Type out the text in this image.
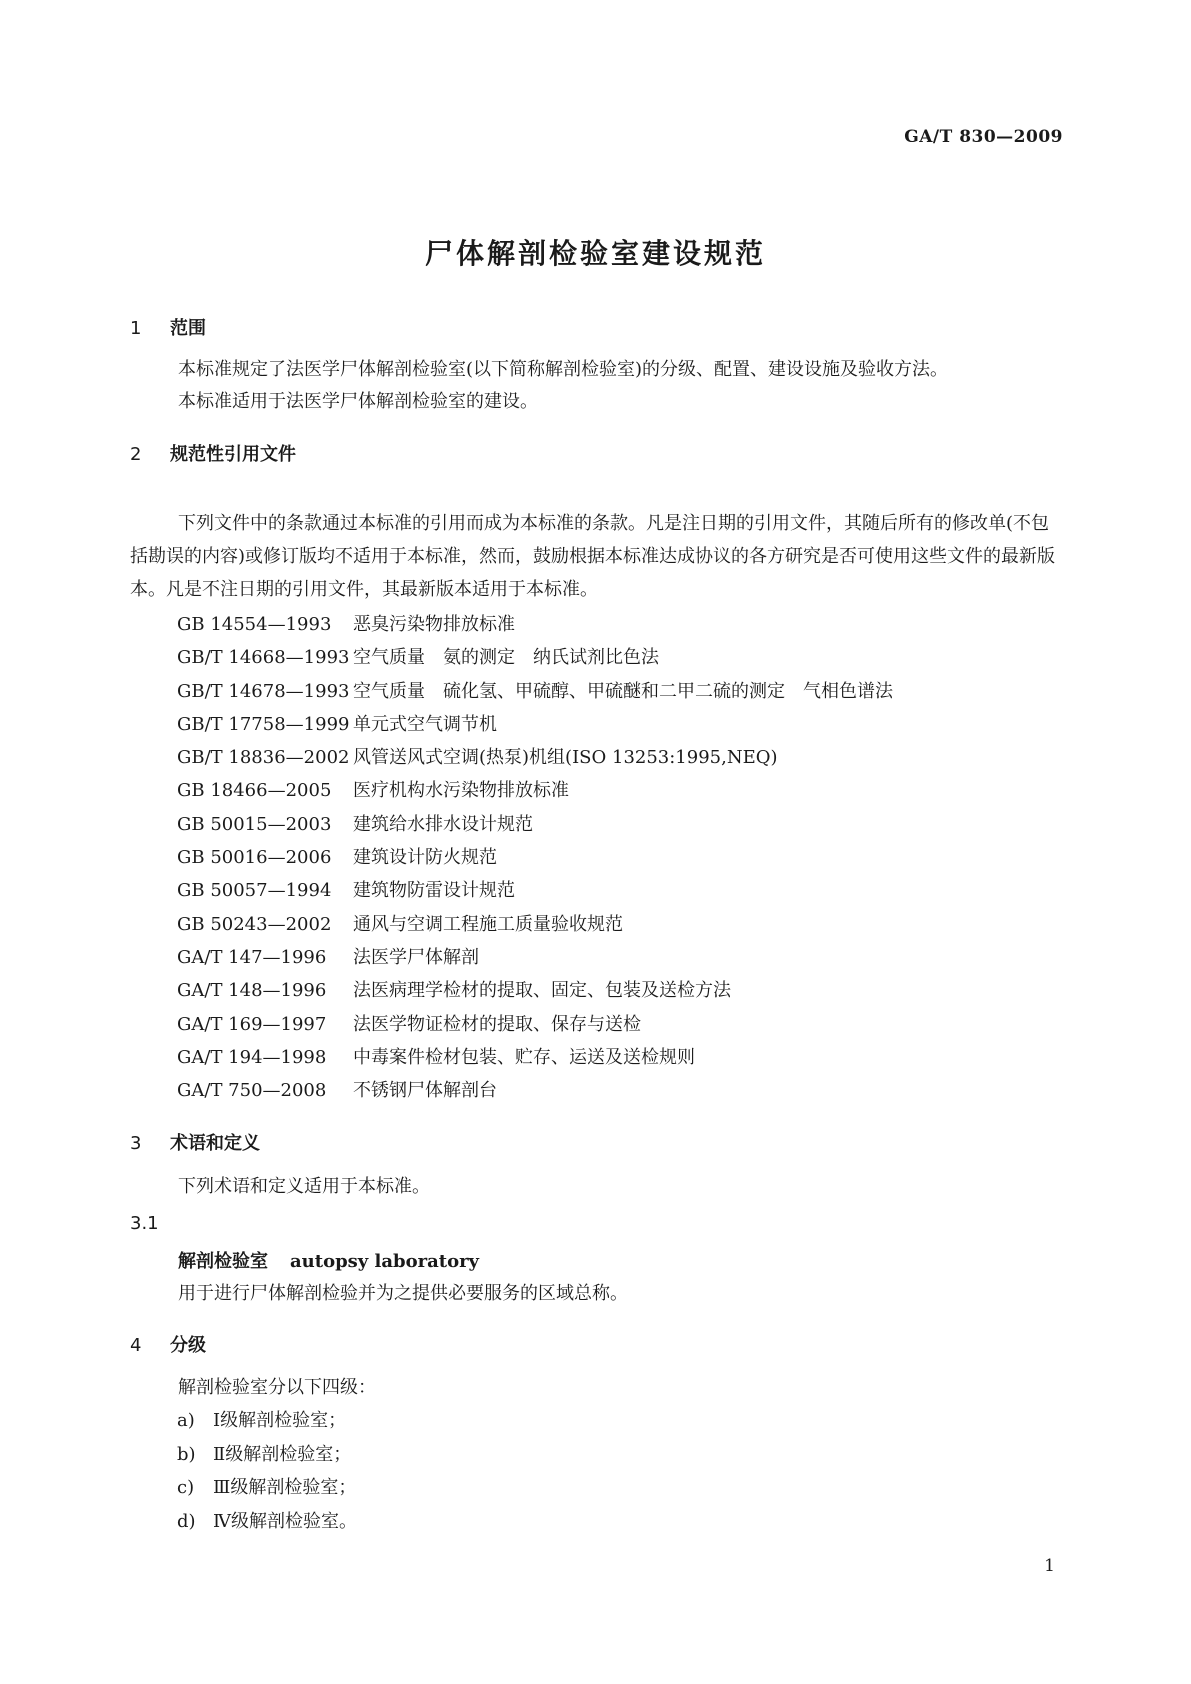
GA/T 830—2009
尸体解剖检验室建设规范
1 范围
本标准规定了法医学尸体解剖检验室(以下简称解剖检验室)的分级、配置、建设设施及验收方法。
本标准适用于法医学尸体解剖检验室的建设。
2 规范性引用文件
下列文件中的条款通过本标准的引用而成为本标准的条款。凡是注日期的引用文件，其随后所有的修改单(不包括勘误的内容)或修订版均不适用于本标准，然而，鼓励根据本标准达成协议的各方研究是否可使用这些文件的最新版本。凡是不注日期的引用文件，其最新版本适用于本标准。
GB 14554—1993 恶臭污染物排放标准
GB/T 14668—1993 空气质量　氨的测定　纳氏试剂比色法
GB/T 14678—1993 空气质量　硫化氢、甲硫醇、甲硫醚和二甲二硫的测定　气相色谱法
GB/T 17758—1999 单元式空气调节机
GB/T 18836—2002 风管送风式空调(热泵)机组(ISO 13253:1995,NEQ)
GB 18466—2005 医疗机构水污染物排放标准
GB 50015—2003 建筑给水排水设计规范
GB 50016—2006 建筑设计防火规范
GB 50057—1994 建筑物防雷设计规范
GB 50243—2002 通风与空调工程施工质量验收规范
GA/T 147—1996 法医学尸体解剖
GA/T 148—1996 法医病理学检材的提取、固定、包装及送检方法
GA/T 169—1997 法医学物证检材的提取、保存与送检
GA/T 194—1998 中毒案件检材包装、贮存、运送及送检规则
GA/T 750—2008 不锈钢尸体解剖台
3 术语和定义
下列术语和定义适用于本标准。
3.1
解剖检验室 autopsy laboratory
用于进行尸体解剖检验并为之提供必要服务的区域总称。
4 分级
解剖检验室分以下四级：
a) Ⅰ级解剖检验室；
b) Ⅱ级解剖检验室；
c) Ⅲ级解剖检验室；
d) Ⅳ级解剖检验室。
1
